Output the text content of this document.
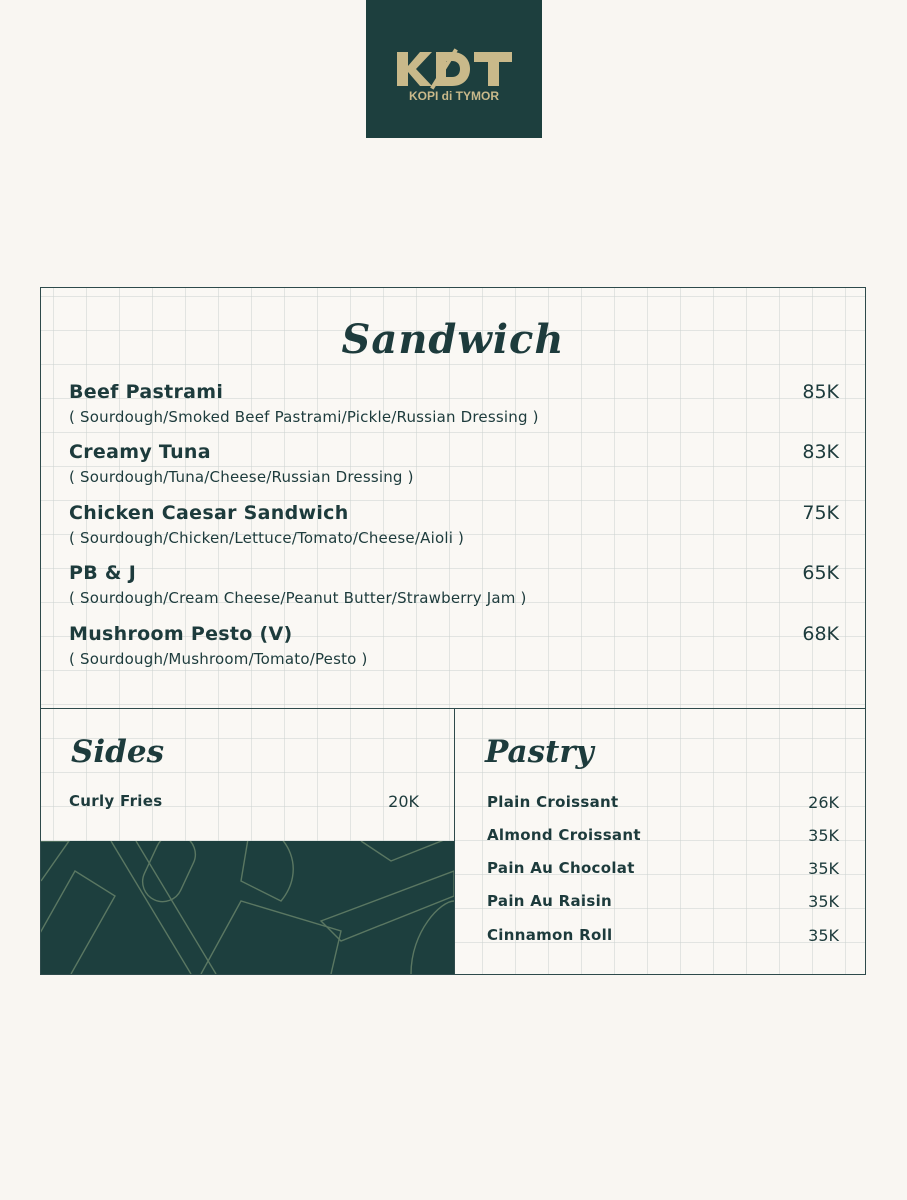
KOPI di TYMOR
Sandwich
Beef Pastrami
( Sourdough/Smoked Beef Pastrami/Pickle/Russian Dressing )
85K
Creamy Tuna
( Sourdough/Tuna/Cheese/Russian Dressing )
83K
Chicken Caesar Sandwich
( Sourdough/Chicken/Lettuce/Tomato/Cheese/Aioli )
75K
PB & J
( Sourdough/Cream Cheese/Peanut Butter/Strawberry Jam )
65K
Mushroom Pesto (V)
( Sourdough/Mushroom/Tomato/Pesto )
68K
Sides
Curly Fries	20K
Pastry
Plain Croissant	26K
Almond Croissant	35K
Pain Au Chocolat	35K
Pain Au Raisin	35K
Cinnamon Roll	35K
